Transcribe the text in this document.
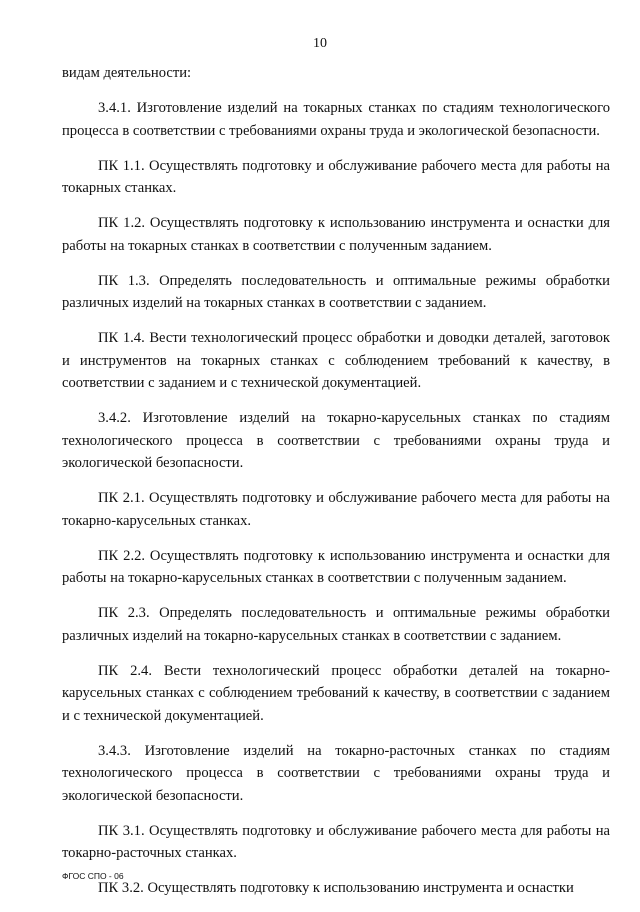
10

видам деятельности:

3.4.1. Изготовление изделий на токарных станках по стадиям технологического процесса в соответствии с требованиями охраны труда и экологической безопасности.

ПК 1.1. Осуществлять подготовку и обслуживание рабочего места для работы на токарных станках.

ПК 1.2. Осуществлять подготовку к использованию инструмента и оснастки для работы на токарных станках в соответствии с полученным заданием.

ПК 1.3. Определять последовательность и оптимальные режимы обработки различных изделий на токарных станках в соответствии с заданием.

ПК 1.4. Вести технологический процесс обработки и доводки деталей, заготовок и инструментов на токарных станках с соблюдением требований к качеству, в соответствии с заданием и с технической документацией.

3.4.2. Изготовление изделий на токарно-карусельных станках по стадиям технологического процесса в соответствии с требованиями охраны труда и экологической безопасности.

ПК 2.1. Осуществлять подготовку и обслуживание рабочего места для работы на токарно-карусельных станках.

ПК 2.2. Осуществлять подготовку к использованию инструмента и оснастки для работы на токарно-карусельных станках в соответствии с полученным заданием.

ПК 2.3. Определять последовательность и оптимальные режимы обработки различных изделий на токарно-карусельных станках в соответствии с заданием.

ПК 2.4. Вести технологический процесс обработки деталей на токарно-карусельных станках с соблюдением требований к качеству, в соответствии с заданием и с технической документацией.

3.4.3. Изготовление изделий на токарно-расточных станках по стадиям технологического процесса в соответствии с требованиями охраны труда и экологической безопасности.

ПК 3.1. Осуществлять подготовку и обслуживание рабочего места для работы на токарно-расточных станках.

ПК 3.2. Осуществлять подготовку к использованию инструмента и оснастки

ФГОС СПО - 06
